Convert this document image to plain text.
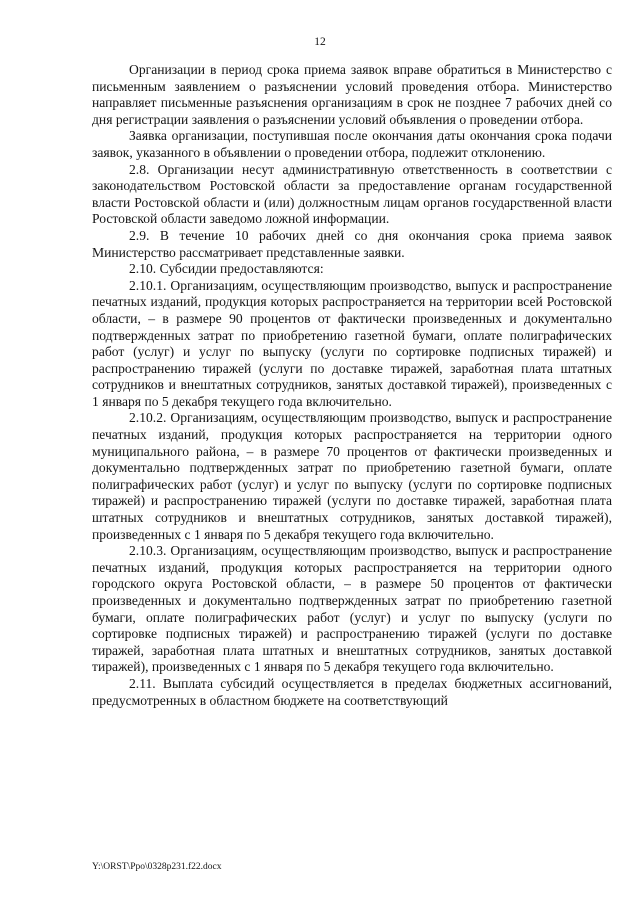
12

Организации в период срока приема заявок вправе обратиться в Министерство с письменным заявлением о разъяснении условий проведения отбора. Министерство направляет письменные разъяснения организациям в срок не позднее 7 рабочих дней со дня регистрации заявления о разъяснении условий объявления о проведении отбора.

Заявка организации, поступившая после окончания даты окончания срока подачи заявок, указанного в объявлении о проведении отбора, подлежит отклонению.

2.8. Организации несут административную ответственность в соответствии с законодательством Ростовской области за предоставление органам государственной власти Ростовской области и (или) должностным лицам органов государственной власти Ростовской области заведомо ложной информации.

2.9. В течение 10 рабочих дней со дня окончания срока приема заявок Министерство рассматривает представленные заявки.

2.10. Субсидии предоставляются:

2.10.1. Организациям, осуществляющим производство, выпуск и распространение печатных изданий, продукция которых распространяется на территории всей Ростовской области, – в размере 90 процентов от фактически произведенных и документально подтвержденных затрат по приобретению газетной бумаги, оплате полиграфических работ (услуг) и услуг по выпуску (услуги по сортировке подписных тиражей) и распространению тиражей (услуги по доставке тиражей, заработная плата штатных сотрудников и внештатных сотрудников, занятых доставкой тиражей), произведенных с 1 января по 5 декабря текущего года включительно.

2.10.2. Организациям, осуществляющим производство, выпуск и распространение печатных изданий, продукция которых распространяется на территории одного муниципального района, – в размере 70 процентов от фактически произведенных и документально подтвержденных затрат по приобретению газетной бумаги, оплате полиграфических работ (услуг) и услуг по выпуску (услуги по сортировке подписных тиражей) и распространению тиражей (услуги по доставке тиражей, заработная плата штатных сотрудников и внештатных сотрудников, занятых доставкой тиражей), произведенных с 1 января по 5 декабря текущего года включительно.

2.10.3. Организациям, осуществляющим производство, выпуск и распространение печатных изданий, продукция которых распространяется на территории одного городского округа Ростовской области, – в размере 50 процентов от фактически произведенных и документально подтвержденных затрат по приобретению газетной бумаги, оплате полиграфических работ (услуг) и услуг по выпуску (услуги по сортировке подписных тиражей) и распространению тиражей (услуги по доставке тиражей, заработная плата штатных и внештатных сотрудников, занятых доставкой тиражей), произведенных с 1 января по 5 декабря текущего года включительно.

2.11. Выплата субсидий осуществляется в пределах бюджетных ассигнований, предусмотренных в областном бюджете на соответствующий

Y:\ORST\Ppo\0328p231.f22.docx
